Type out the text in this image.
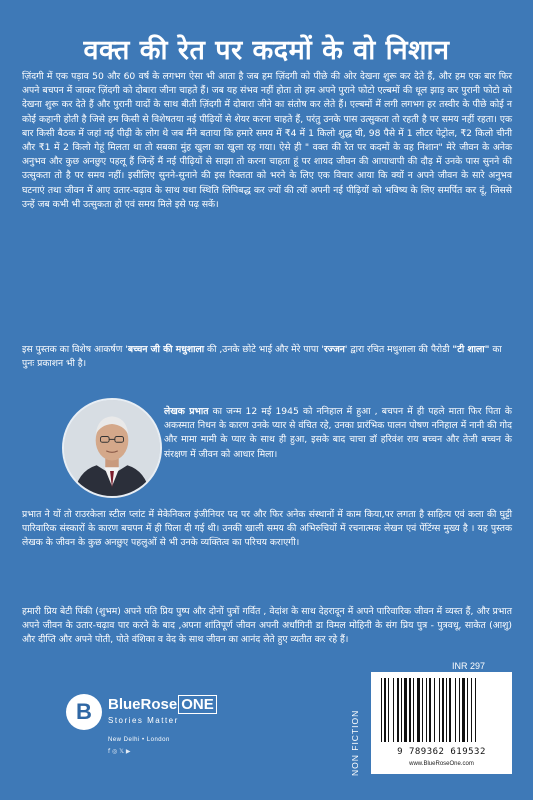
वक्त की रेत पर कदमों के वो निशान
ज़िंदगी में एक पड़ाव 50 और 60 वर्ष के लगभग ऐसा भी आता है जब हम ज़िंदगी को पीछे की ओर देखना शुरू कर देते हैं, और हम एक बार फिर अपने बचपन में जाकर ज़िंदगी को दोबारा जीना चाहते हैं। जब यह संभव नहीं होता तो हम अपने पुराने फोटो एल्बमों की धूल झाड़ कर पुरानी फोटो को देखना शुरू कर देते हैं और पुरानी यादों के साथ बीती ज़िंदगी में दोबारा जीने का संतोष कर लेते हैं। एल्बमों में लगी लगभग हर तस्वीर के पीछे कोई न कोई कहानी होती है जिसे हम किसी से विशेषतया नई पीढ़ियों से शेयर करना चाहते हैं, परंतु उनके पास उत्सुकता तो रहती है पर समय नहीं रहता। एक बार किसी बैठक में जहां नई पीढ़ी के लोग थे जब मैंने बताया कि हमारे समय में ₹4 में 1 किलो शुद्ध घी, 98 पैसे में 1 लीटर पेट्रोल, ₹2 किलो चीनी और ₹1 में 2 किलो गेहूं मिलता था तो सबका मुंह खुला का खुला रह गया। ऐसे ही " वक्त की रेत पर कदमों के वह निशान" मेरे जीवन के अनेक अनुभव और कुछ अनछुए पहलू हैं जिन्हें मैं नई पीढ़ियों से साझा तो करना चाहता हूं पर शायद जीवन की आपाधापी की दौड़ में उनके पास सुनने की उत्सुकता तो है पर समय नहीं। इसीलिए सुनने-सुनाने की इस रिक्तता को भरने के लिए एक विचार आया कि क्यों न अपने जीवन के सारे अनुभव घटनाएं तथा जीवन में आए उतार-चढ़ाव के साथ यथा स्थिति लिपिबद्ध कर ज्यों की त्यों अपनी नई पीढ़ियों को भविष्य के लिए समर्पित कर दूं, जिससे उन्हें जब कभी भी उत्सुकता हो एवं समय मिले इसे पढ़ सकें।
इस पुस्तक का विशेष आकर्षण 'बच्चन जी की मधुशाला की ,उनके छोटे भाई और मेरे पापा 'रज्जन' द्वारा रचित मधुशाला की पैरोडी "टी शाला" का पुनः प्रकाशन भी है।
लेखक प्रभात का जन्म 12 मई 1945 को ननिहाल में हुआ , बचपन में ही पहले माता फिर पिता के अकस्मात निधन के कारण उनके प्यार से वंचित रहे, उनका प्रारंभिक पालन पोषण ननिहाल में नानी की गोद और मामा मामी के प्यार के साथ ही हुआ, इसके बाद चाचा डॉ हरिवंश राय बच्चन और तेजी बच्चन के संरक्षण में जीवन को आधार मिला।
प्रभात ने यों तो राउरकेला स्टील प्लांट में मेकेनिकल इंजीनियर पद पर और फिर अनेक संस्थानों में काम किया,पर लगता है साहित्य एवं कला की घुट्टी पारिवारिक संस्कारों के कारण बचपन में ही पिला दी गई थी। उनकी खाली समय की अभिरुचियों में रचनात्मक लेखन एवं पेंटिंग्स मुख्य है । यह पुस्तक लेखक के जीवन के कुछ अनछुए पहलुओं से भी उनके व्यक्तित्व का परिचय कराएगी।
हमारी प्रिय बेटी पिंकी (शुभम) अपने पति प्रिय पुष्प और दोनों पुत्रों गर्वित , वेदांश के साथ देहरादून में अपने पारिवारिक जीवन में व्यस्त हैं, और प्रभात अपने जीवन के उतार-चढ़ाव पार करने के बाद ,अपना शांतिपूर्ण जीवन अपनी अर्धांगिनी डा विमल मोहिनी के संग प्रिय पुत्र - पुत्रवधू, साकेत (आशु) और दीप्ति और अपने पोती, पोते वंशिका व वेद के साथ जीवन का आनंद लेते हुए व्यतीत कर रहे हैं।
B	BlueRose ONE
Stories Matter
New Delhi • London
f ◎ 𝕏 ▶	NON FICTION
INR 297
9 789362 619532
www.BlueRoseOne.com
